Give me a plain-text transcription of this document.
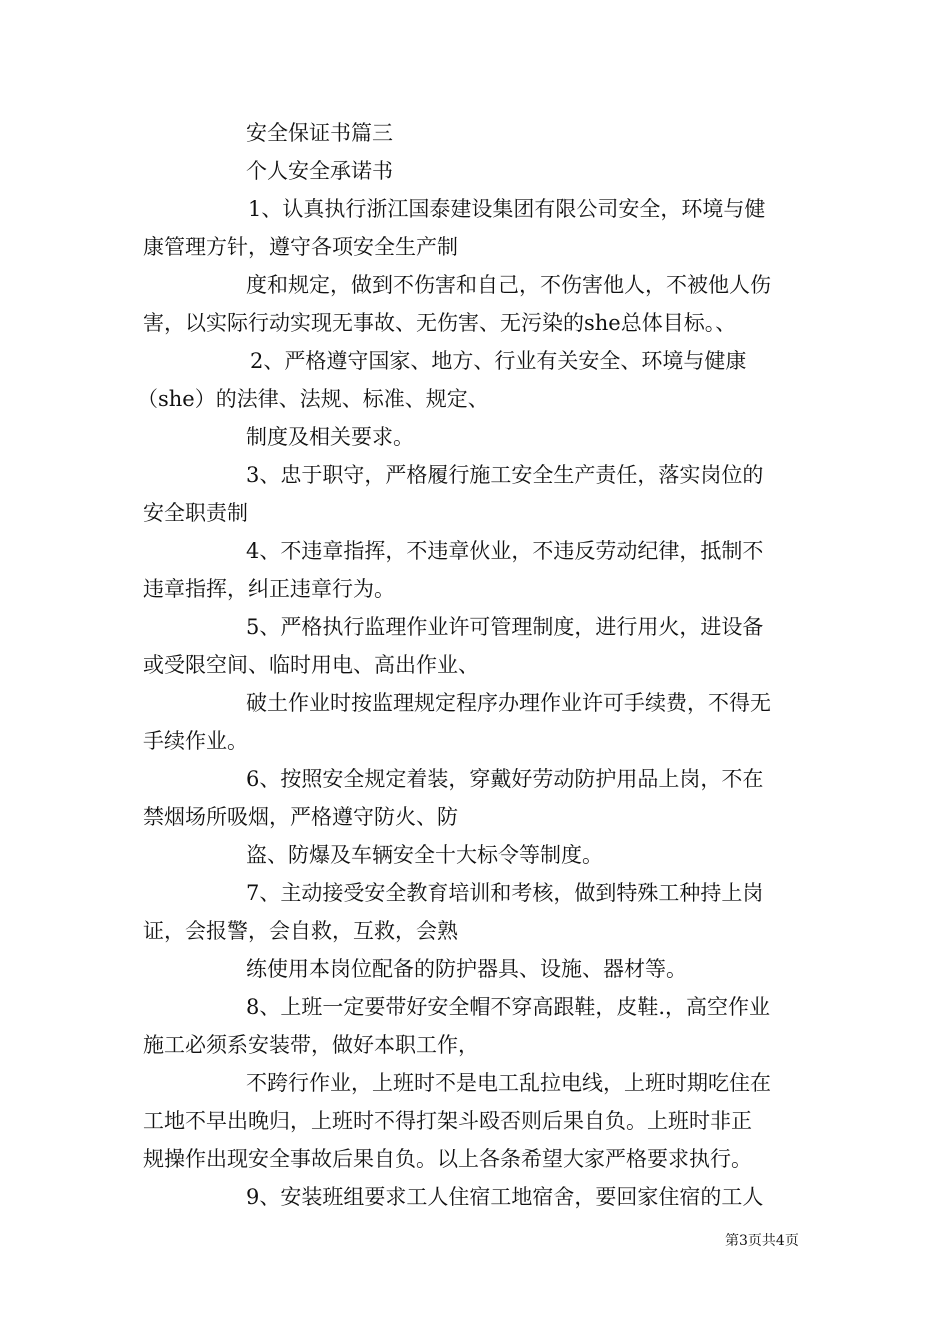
安全保证书篇三
个人安全承诺书
1、认真执行浙江国泰建设集团有限公司安全，环境与健
康管理方针，遵守各项安全生产制
度和规定，做到不伤害和自己，不伤害他人，不被他人伤
害，以实际行动实现无事故、无伤害、无污染的she总体目标。、
2、严格遵守国家、地方、行业有关安全、环境与健康
（she）的法律、法规、标准、规定、
制度及相关要求。
3、忠于职守，严格履行施工安全生产责任，落实岗位的
安全职责制
4、不违章指挥，不违章伙业，不违反劳动纪律，抵制不
违章指挥，纠正违章行为。
5、严格执行监理作业许可管理制度，进行用火，进设备
或受限空间、临时用电、高出作业、
破土作业时按监理规定程序办理作业许可手续费，不得无
手续作业。
6、按照安全规定着装，穿戴好劳动防护用品上岗，不在
禁烟场所吸烟，严格遵守防火、防
盗、防爆及车辆安全十大标令等制度。
7、主动接受安全教育培训和考核，做到特殊工种持上岗
证，会报警，会自救，互救，会熟
练使用本岗位配备的防护器具、设施、器材等。
8、上班一定要带好安全帽不穿高跟鞋，皮鞋.，高空作业
施工必须系安装带，做好本职工作，
不跨行作业，上班时不是电工乱拉电线，上班时期吃住在
工地不早出晚归，上班时不得打架斗殴否则后果自负。上班时非正
规操作出现安全事故后果自负。以上各条希望大家严格要求执行。
9、安装班组要求工人住宿工地宿舍，要回家住宿的工人
第3页共4页
